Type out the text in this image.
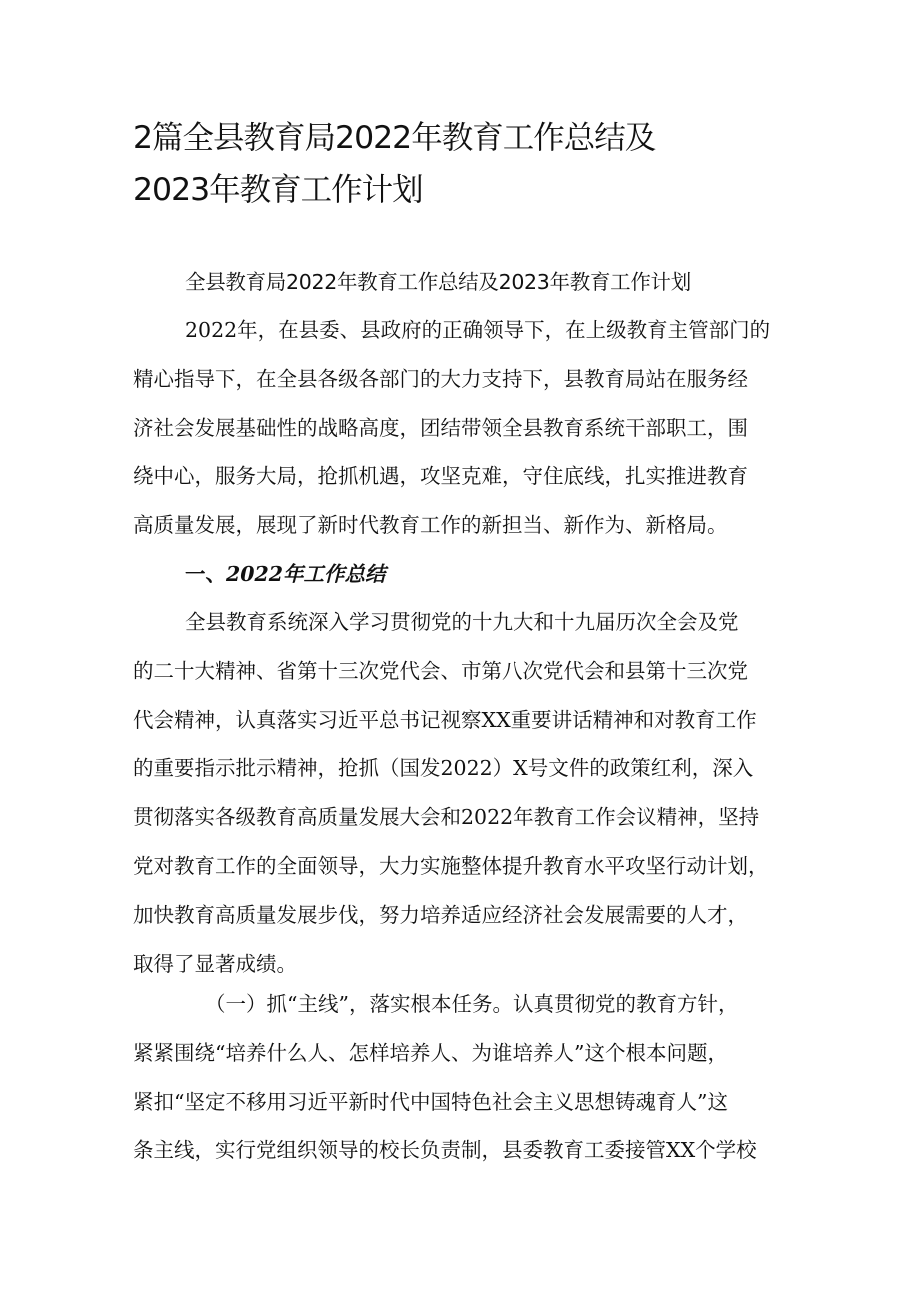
2篇全县教育局2022年教育工作总结及
2023年教育工作计划
全县教育局2022年教育工作总结及2023年教育工作计划

2022年，在县委、县政府的正确领导下，在上级教育主管部门的
精心指导下，在全县各级各部门的大力支持下，县教育局站在服务经
济社会发展基础性的战略高度，团结带领全县教育系统干部职工，围
绕中心，服务大局，抢抓机遇，攻坚克难，守住底线，扎实推进教育
高质量发展，展现了新时代教育工作的新担当、新作为、新格局。

一、2022年工作总结

全县教育系统深入学习贯彻党的十九大和十九届历次全会及党
的二十大精神、省第十三次党代会、市第八次党代会和县第十三次党
代会精神，认真落实习近平总书记视察XX重要讲话精神和对教育工作
的重要指示批示精神，抢抓（国发2022）X号文件的政策红利，深入
贯彻落实各级教育高质量发展大会和2022年教育工作会议精神，坚持
党对教育工作的全面领导，大力实施整体提升教育水平攻坚行动计划，
加快教育高质量发展步伐，努力培养适应经济社会发展需要的人才，
取得了显著成绩。

（一）抓“主线”，落实根本任务。认真贯彻党的教育方针，
紧紧围绕“培养什么人、怎样培养人、为谁培养人”这个根本问题，
紧扣“坚定不移用习近平新时代中国特色社会主义思想铸魂育人”这
条主线，实行党组织领导的校长负责制，县委教育工委接管XX个学校
